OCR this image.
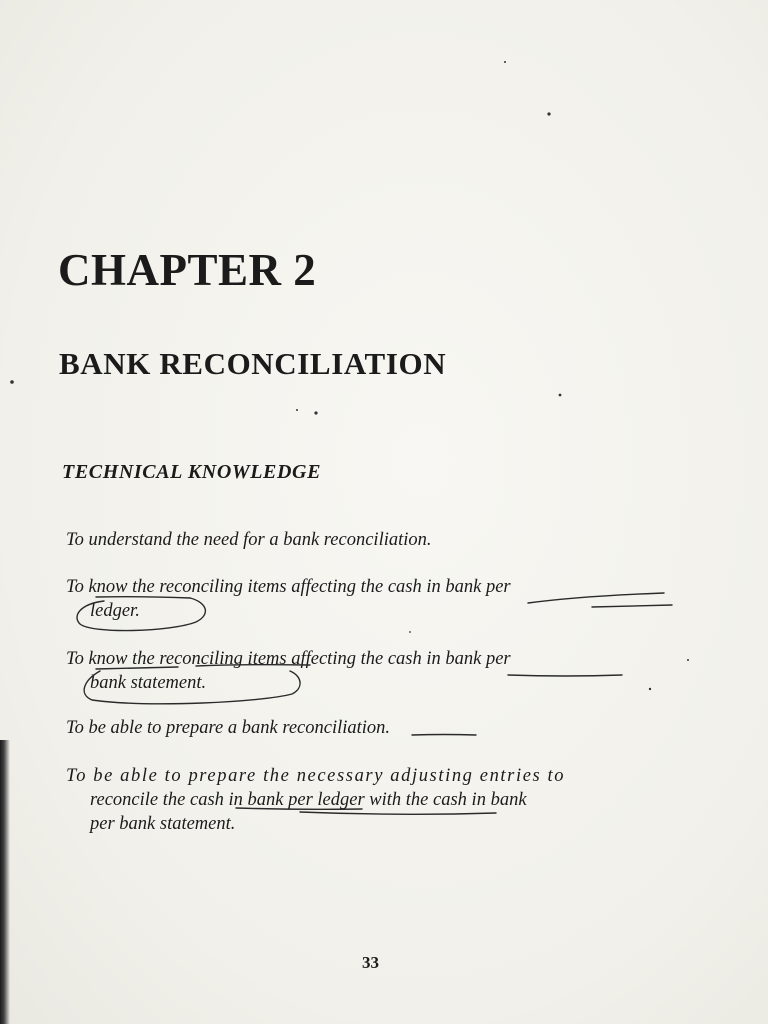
CHAPTER 2
BANK RECONCILIATION
TECHNICAL KNOWLEDGE

To understand the need for a bank reconciliation.

To know the reconciling items affecting the cash in bank per
ledger.

To know the reconciling items affecting the cash in bank per
bank statement.

To be able to prepare a bank reconciliation.

To be able to prepare the necessary adjusting entries to
reconcile the cash in bank per ledger with the cash in bank
per bank statement.

33
